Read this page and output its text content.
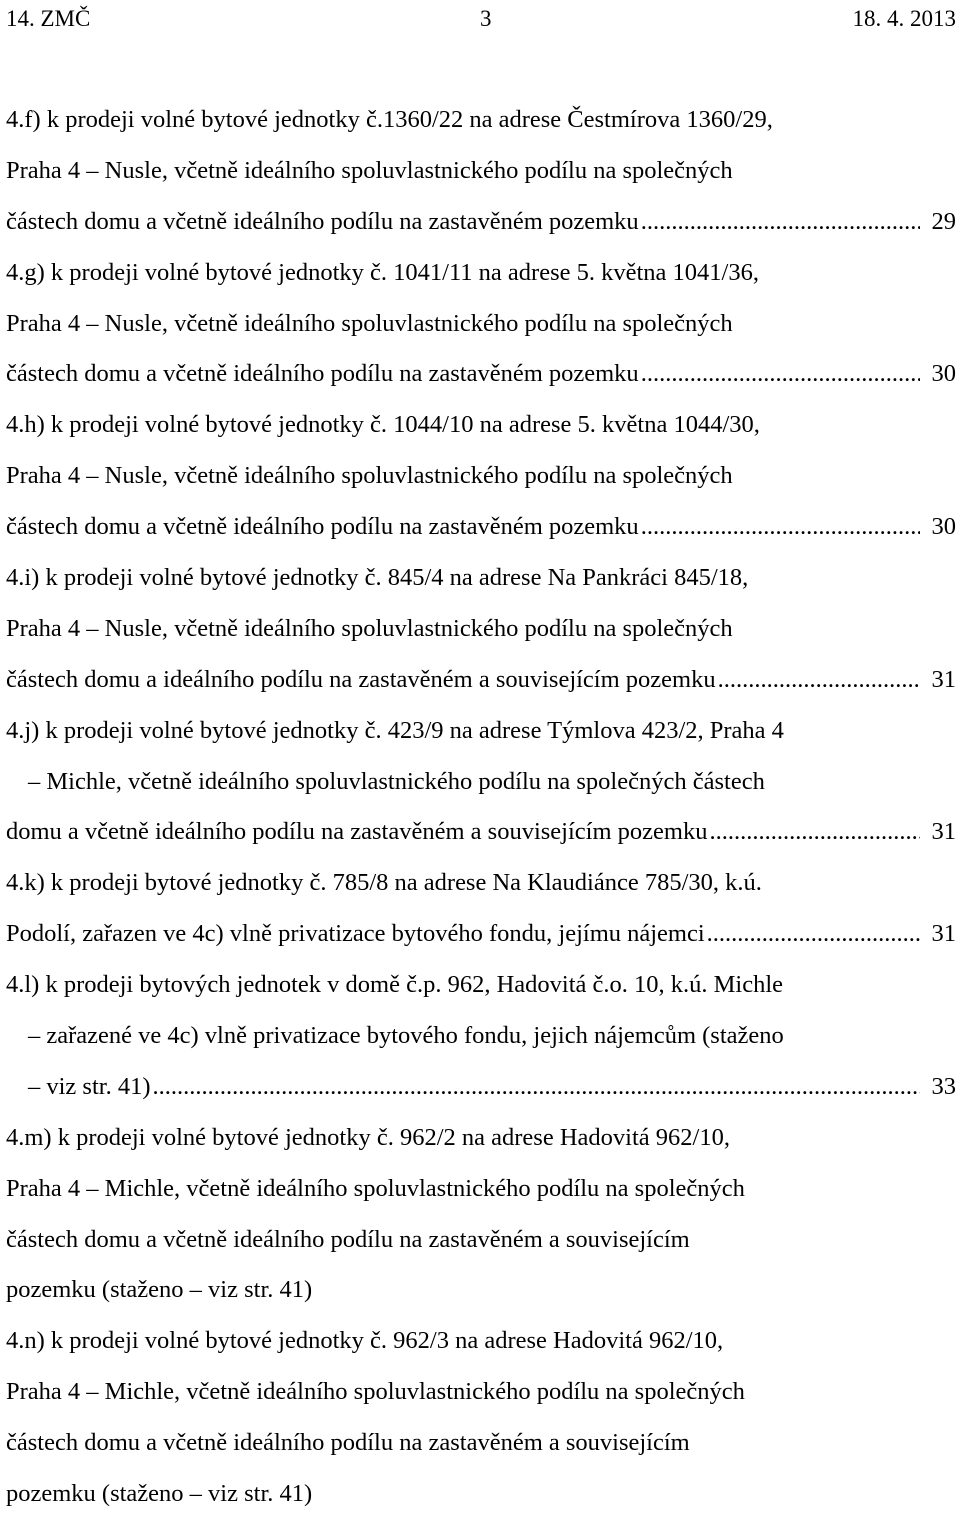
14. ZMČ	3	18. 4. 2013
4.f) k prodeji volné bytové jednotky č.1360/22 na adrese Čestmírova 1360/29,
Praha 4 – Nusle, včetně ideálního spoluvlastnického podílu na společných
částech domu a včetně ideálního podílu na zastavěném pozemku .....	29
4.g) k prodeji volné bytové jednotky č. 1041/11 na adrese 5. května 1041/36,
Praha 4 – Nusle, včetně ideálního spoluvlastnického podílu na společných
částech domu a včetně ideálního podílu na zastavěném pozemku .....	30
4.h) k prodeji volné bytové jednotky č. 1044/10 na adrese 5. května 1044/30,
Praha 4 – Nusle, včetně ideálního spoluvlastnického podílu na společných
částech domu a včetně ideálního podílu na zastavěném pozemku .....	30
4.i) k prodeji volné bytové jednotky č. 845/4 na adrese Na Pankráci 845/18,
Praha 4 – Nusle, včetně ideálního spoluvlastnického podílu na společných
částech domu a ideálního podílu na zastavěném a souvisejícím pozemku .....	31
4.j) k prodeji volné bytové jednotky č. 423/9 na adrese Týmlova 423/2, Praha 4
– Michle, včetně ideálního spoluvlastnického podílu na společných částech
domu a včetně ideálního podílu na zastavěném a souvisejícím pozemku .....	31
4.k) k prodeji bytové jednotky č. 785/8 na adrese Na Klaudiánce 785/30, k.ú.
Podolí, zařazen ve 4c) vlně privatizace bytového fondu, jejímu nájemci .....	31
4.l) k prodeji bytových jednotek v domě č.p. 962, Hadovitá č.o. 10, k.ú. Michle
– zařazené ve 4c) vlně privatizace bytového fondu, jejich nájemcům (staženo
– viz str. 41) .....	33
4.m) k prodeji volné bytové jednotky č. 962/2 na adrese Hadovitá 962/10,
Praha 4 – Michle, včetně ideálního spoluvlastnického podílu na společných
částech domu a včetně ideálního podílu na zastavěném a souvisejícím
pozemku (staženo – viz str. 41)
4.n) k prodeji volné bytové jednotky č. 962/3 na adrese Hadovitá 962/10,
Praha 4 – Michle, včetně ideálního spoluvlastnického podílu na společných
částech domu a včetně ideálního podílu na zastavěném a souvisejícím
pozemku (staženo – viz str. 41)
